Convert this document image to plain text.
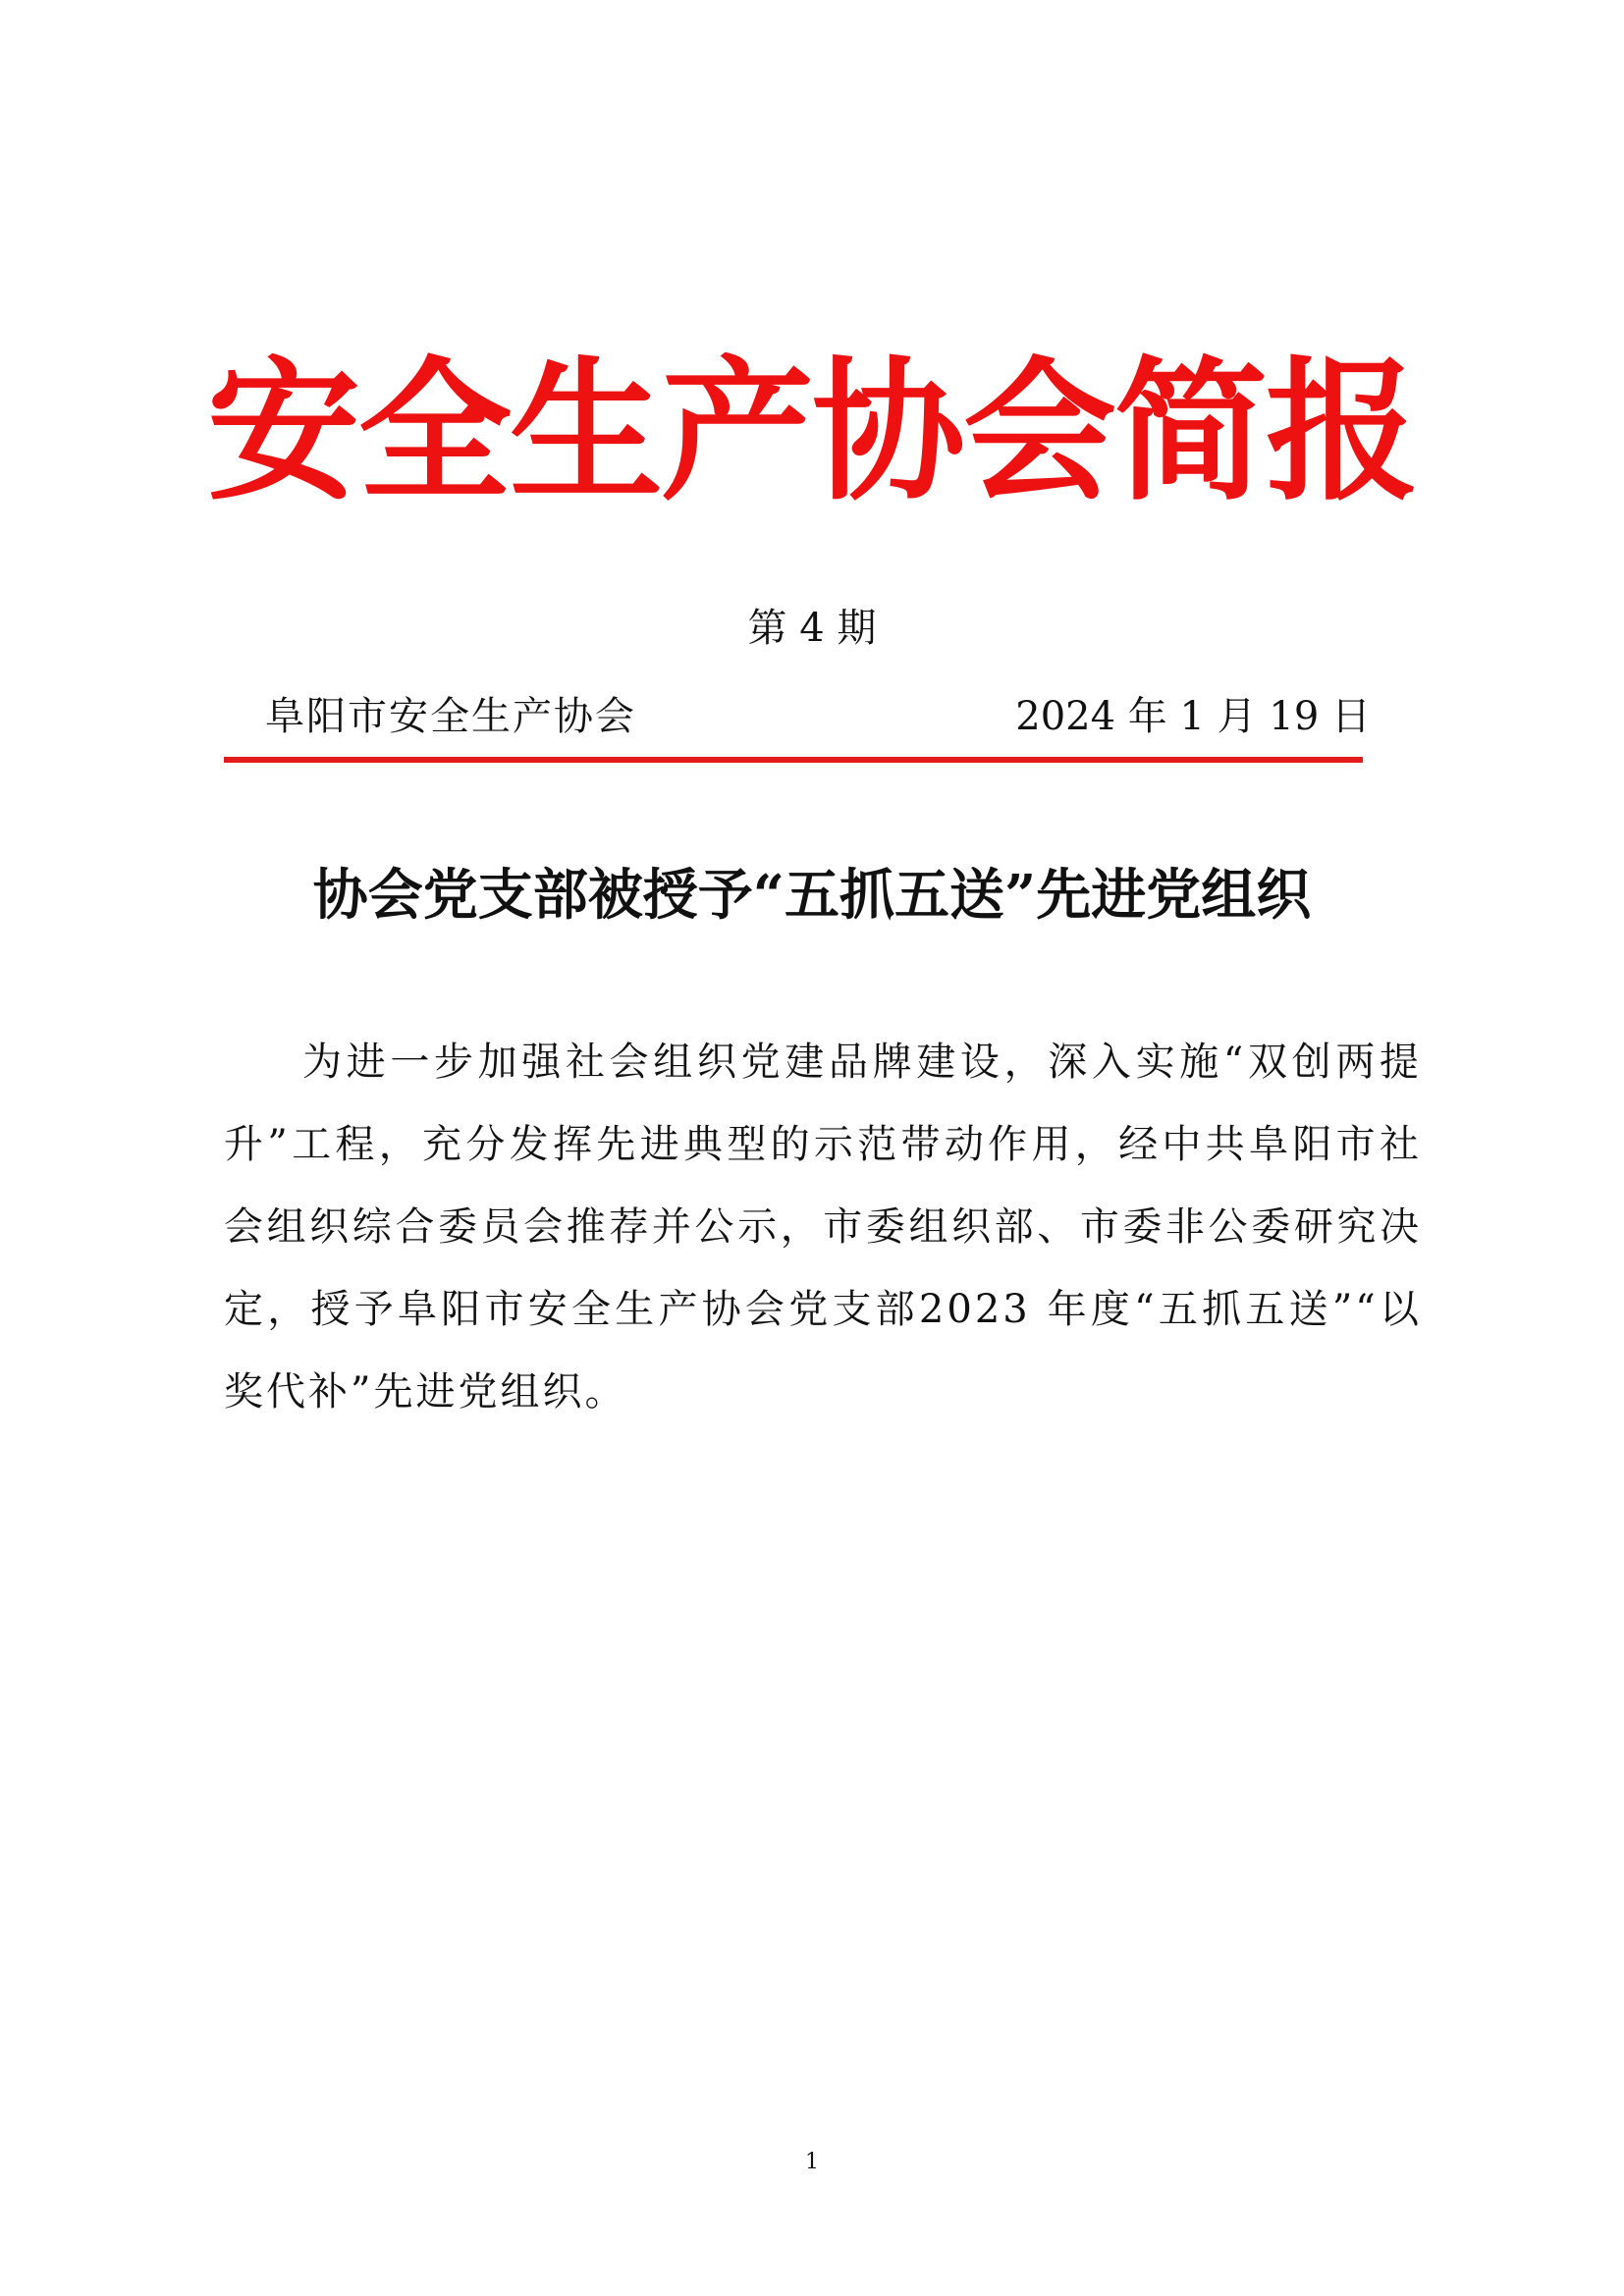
安全生产协会简报
第 4 期
阜阳市安全生产协会	2024 年 1 月 19 日
协会党支部被授予“五抓五送”先进党组织
为进一步加强社会组织党建品牌建设，深入实施“双创两提升”工程，充分发挥先进典型的示范带动作用，经中共阜阳市社会组织综合委员会推荐并公示，市委组织部、市委非公委研究决定，授予阜阳市安全生产协会党支部2023 年度“五抓五送”“以奖代补”先进党组织。
1
